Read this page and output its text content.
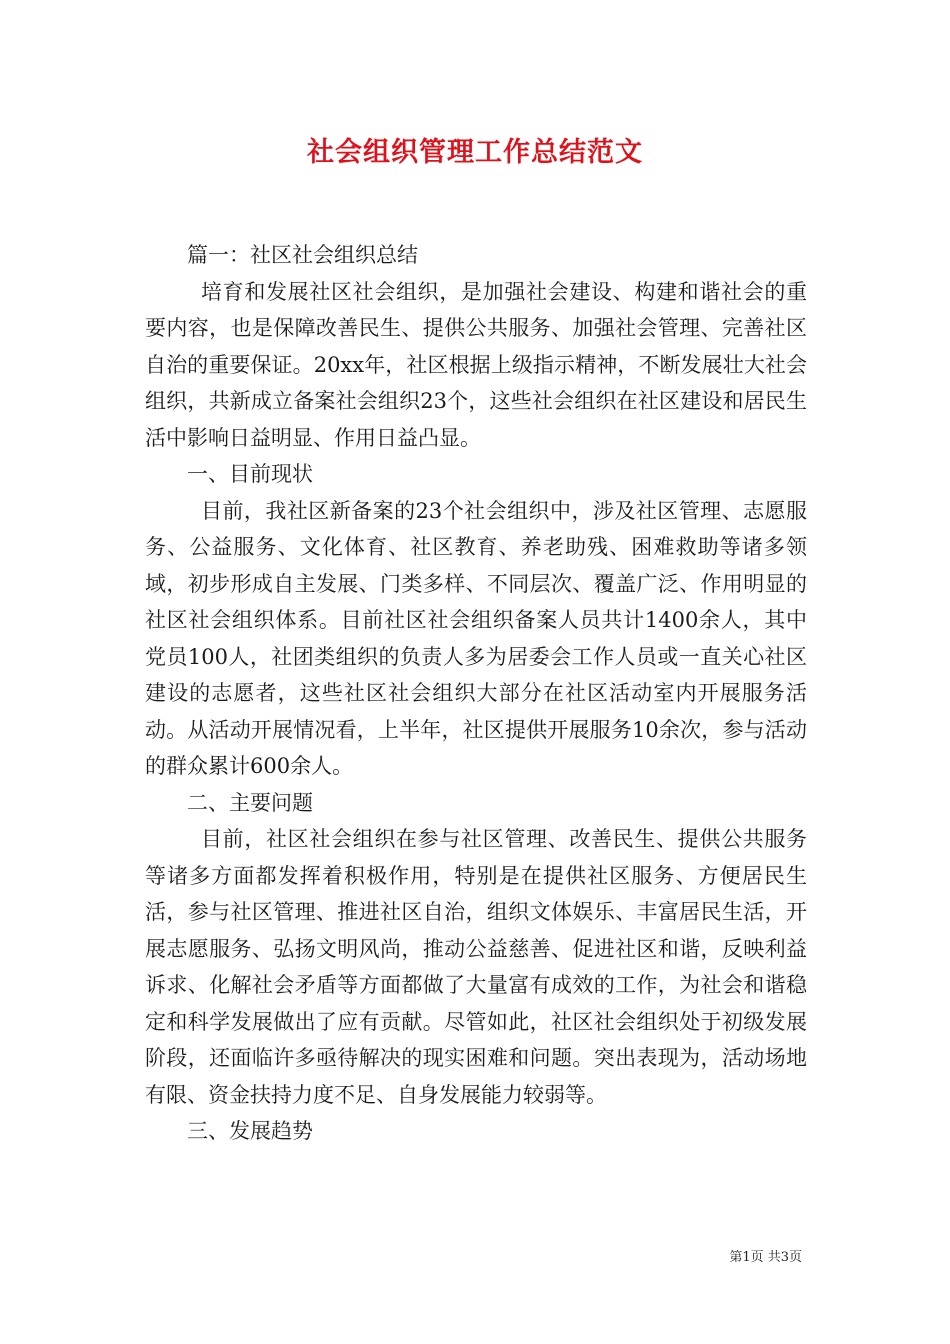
社会组织管理工作总结范文

篇一：社区社会组织总结

培育和发展社区社会组织，是加强社会建设、构建和谐社会的重要内容，也是保障改善民生、提供公共服务、加强社会管理、完善社区自治的重要保证。20xx年，社区根据上级指示精神，不断发展壮大社会组织，共新成立备案社会组织23个，这些社会组织在社区建设和居民生活中影响日益明显、作用日益凸显。

一、目前现状

目前，我社区新备案的23个社会组织中，涉及社区管理、志愿服务、公益服务、文化体育、社区教育、养老助残、困难救助等诸多领域，初步形成自主发展、门类多样、不同层次、覆盖广泛、作用明显的社区社会组织体系。目前社区社会组织备案人员共计1400余人，其中党员100人，社团类组织的负责人多为居委会工作人员或一直关心社区建设的志愿者，这些社区社会组织大部分在社区活动室内开展服务活动。从活动开展情况看，上半年，社区提供开展服务10余次，参与活动的群众累计600余人。

二、主要问题

目前，社区社会组织在参与社区管理、改善民生、提供公共服务等诸多方面都发挥着积极作用，特别是在提供社区服务、方便居民生活，参与社区管理、推进社区自治，组织文体娱乐、丰富居民生活，开展志愿服务、弘扬文明风尚，推动公益慈善、促进社区和谐，反映利益诉求、化解社会矛盾等方面都做了大量富有成效的工作，为社会和谐稳定和科学发展做出了应有贡献。尽管如此，社区社会组织处于初级发展阶段，还面临许多亟待解决的现实困难和问题。突出表现为，活动场地有限、资金扶持力度不足、自身发展能力较弱等。

三、发展趋势

第1页 共3页
